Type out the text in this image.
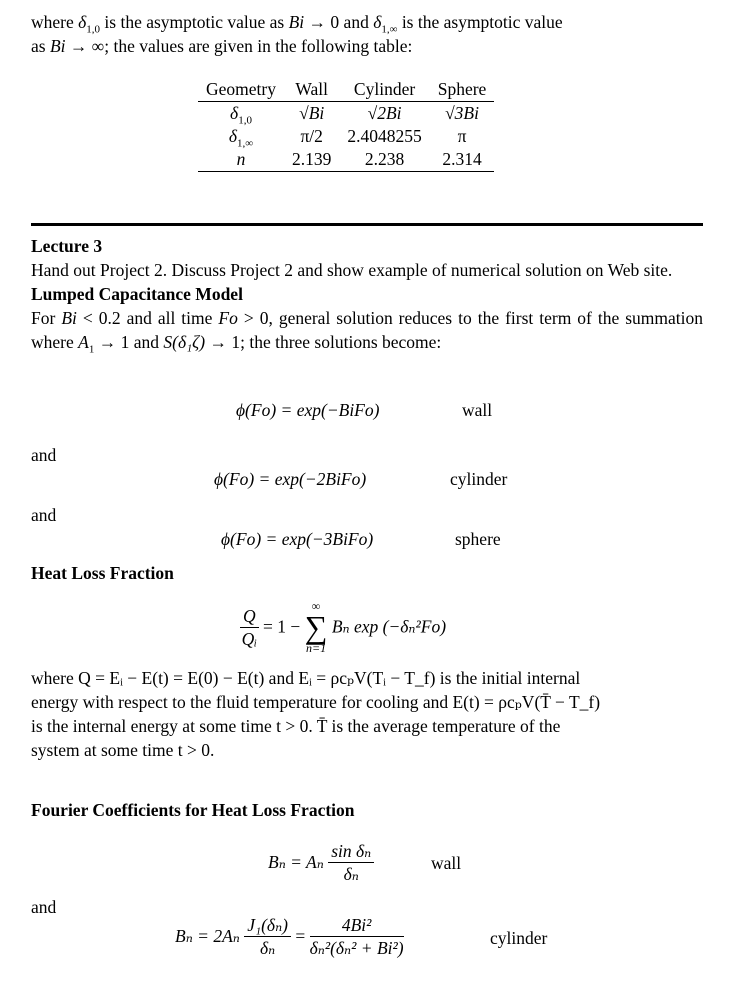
where $\delta_{1,0}$ is the asymptotic value as Bi → 0 and $\delta_{1,\infty}$ is the asymptotic value
as Bi → ∞; the values are given in the following table:
Geometry	Wall	Cylinder	Sphere
$\delta_{1,0}$	√Bi	√2Bi	√3Bi
$\delta_{1,\infty}$	π/2	2.4048255	π
n	2.139	2.238	2.314
Lecture 3
Hand out Project 2. Discuss Project 2 and show example of numerical solution on Web site.
Lumped Capacitance Model
For Bi < 0.2 and all time Fo > 0, general solution reduces to the first term of the summation where $A_1 \to 1$ and S(δ₁ζ) → 1; the three solutions become:
ϕ(Fo) = exp(−BiFo)	wall
and
ϕ(Fo) = exp(−2BiFo)	cylinder
and
ϕ(Fo) = exp(−3BiFo)	sphere
Heat Loss Fraction
$\frac{Q}{\text{Qᵢ}} = 1$ −
∞
∑
n=1
Bₙ exp (−δₙ²Fo)
where Q = Eᵢ − E(t) = E(0) − E(t) and Eᵢ = ρcₚV(Tᵢ − T_f) is the initial internal
energy with respect to the fluid temperature for cooling and E(t) = ρcₚV(T̄ − T_f)
is the internal energy at some time t > 0. T̄ is the average temperature of the
system at some time t > 0.
Fourier Coefficients for Heat Loss Fraction
Bₙ = Aₙ $\frac{\text{sin δₙ}}{\text{δₙ}}$	wall
and
$B_n = 2A_n \frac{\text{J₁(δₙ)}}{\text{δₙ}} = \frac{\text{4Bi²}}{\text{δₙ²(δₙ² + Bi²)}}$	cylinder
